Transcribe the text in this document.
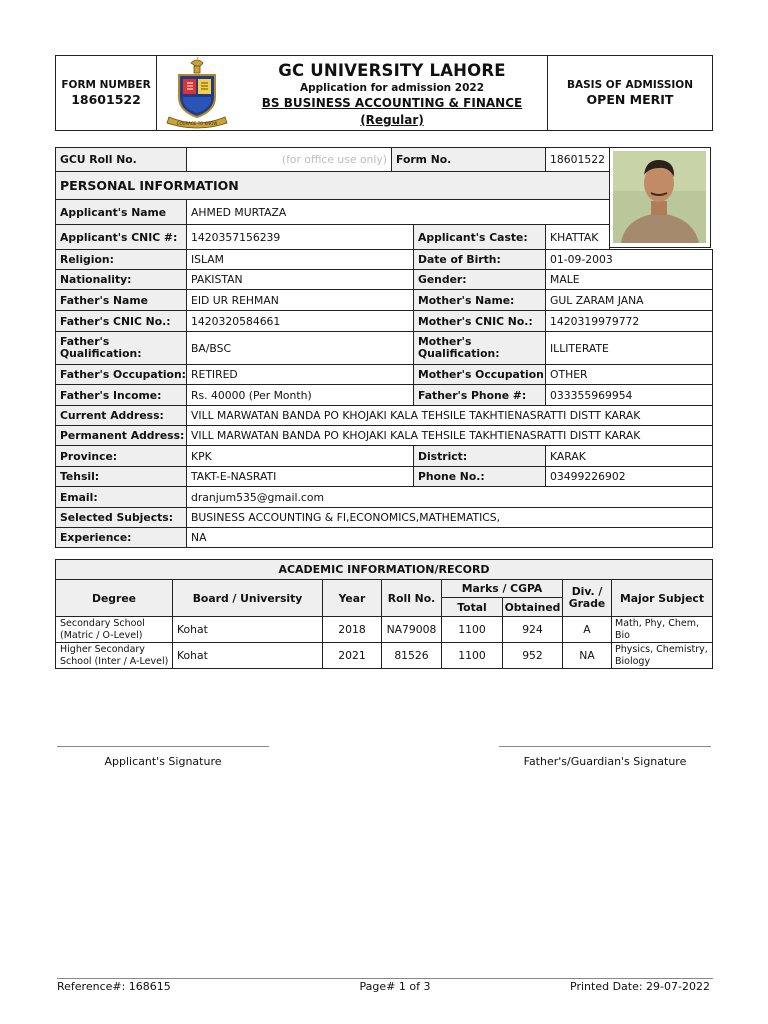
FORM NUMBER
18601522
COURAGE TO KNOW
GC UNIVERSITY LAHORE
Application for admission 2022
BS BUSINESS ACCOUNTING & FINANCE
(Regular)
BASIS OF ADMISSION
OPEN MERIT
GCU Roll No.	(for office use only) Form No.	18601522
PERSONAL INFORMATION
Applicant's Name	AHMED MURTAZA
Applicant's CNIC #:	1420357156239	Applicant's Caste:	KHATTAK
Religion:	ISLAM	Date of Birth:	01-09-2003
Nationality:	PAKISTAN	Gender:	MALE
Father's Name	EID UR REHMAN	Mother's Name:	GUL ZARAM JANA
Father's CNIC No.:	1420320584661	Mother's CNIC No.:	1420319979772
Father's Qualification:	BA/BSC	Mother's Qualification:	ILLITERATE
Father's Occupation: RETIRED	Mother's Occupation OTHER
Father's Income:	Rs. 40000 (Per Month)	Father's Phone #:	033355969954
Current Address:	VILL MARWATAN BANDA PO KHOJAKI KALA TEHSILE TAKHTIENASRATTI DISTT KARAK
Permanent Address: VILL MARWATAN BANDA PO KHOJAKI KALA TEHSILE TAKHTIENASRATTI DISTT KARAK
Province:	KPK	District:	KARAK
Tehsil:	TAKT-E-NASRATI	Phone No.:	03499226902
Email:	dranjum535@gmail.com
Selected Subjects:	BUSINESS ACCOUNTING & FI,ECONOMICS,MATHEMATICS,
Experience:	NA
ACADEMIC INFORMATION/RECORD
Degree	Board / University	Year	Roll No.
Marks / CGPA
Total	Obtained
Div. / Grade	Major Subject
Secondary School (Matric / O-Level)	Kohat	2018	NA79008	1100	924	A	Math, Phy, Chem, Bio
Higher Secondary School (Inter / A-Level) Kohat	2021	81526	1100	952	NA	Physics, Chemistry, Biology
Applicant's Signature	Father's/Guardian's Signature
Reference#: 168615	Page# 1 of 3	Printed Date: 29-07-2022
